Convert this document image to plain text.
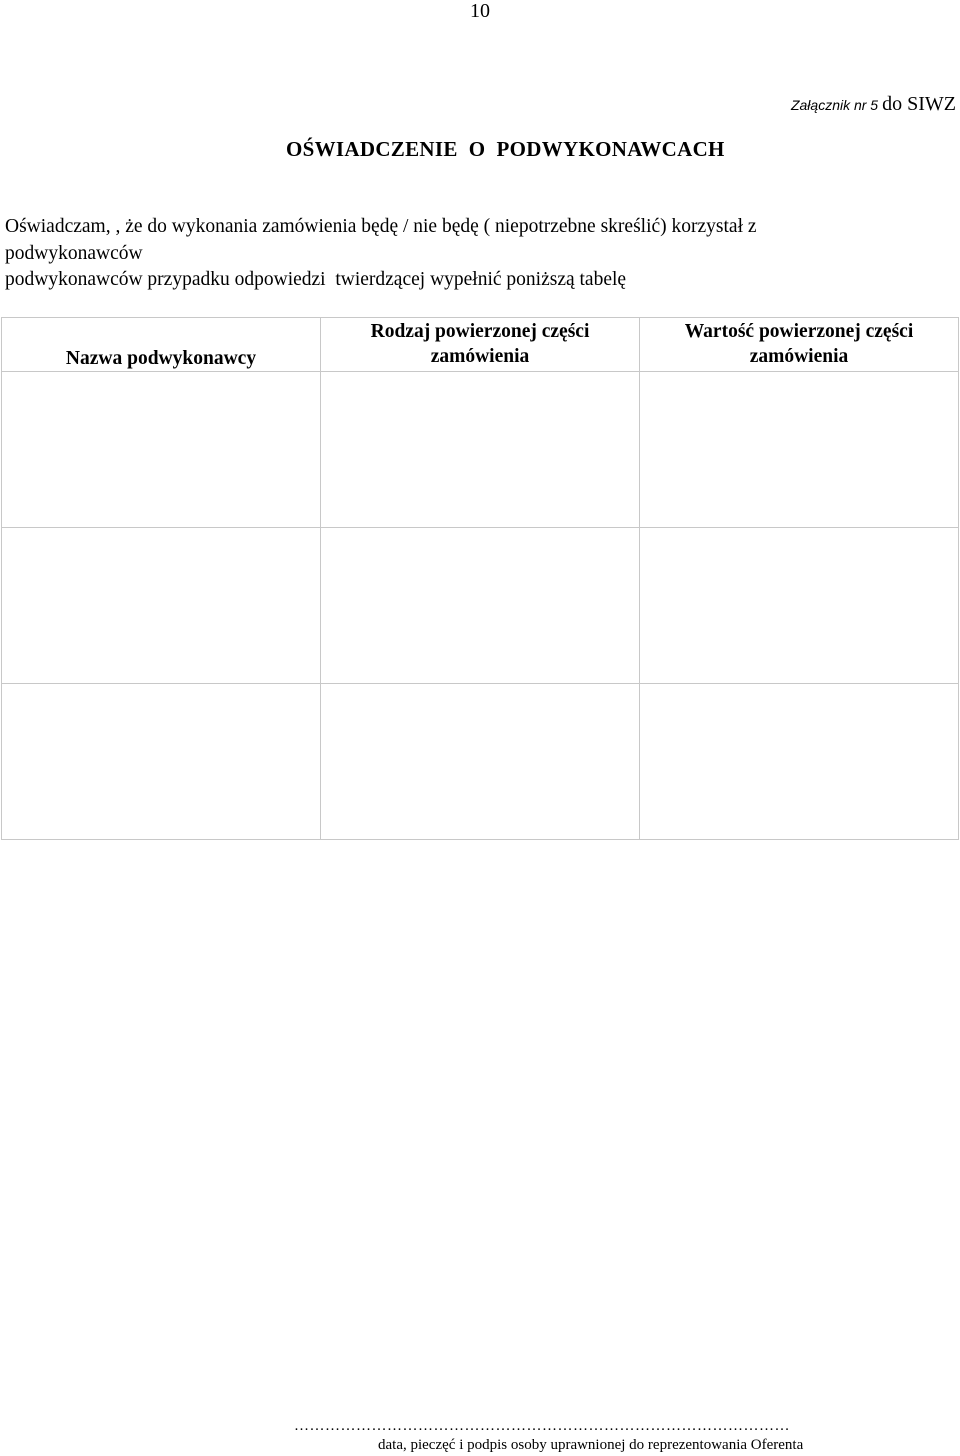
10
Załącznik nr 5 do SIWZ
OŚWIADCZENIE  O  PODWYKONAWCACH
Oświadczam, , że do wykonania zamówienia będę / nie będę ( niepotrzebne skreślić) korzystał z
podwykonawców
podwykonawców przypadku odpowiedzi  twierdzącej wypełnić poniższą tabelę
Nazwa podwykonawcy	Rodzaj powierzonej części zamówienia	Wartość powierzonej części zamówienia

……………………………………………………………………………………
data, pieczęć i podpis osoby uprawnionej do reprezentowania Oferenta
